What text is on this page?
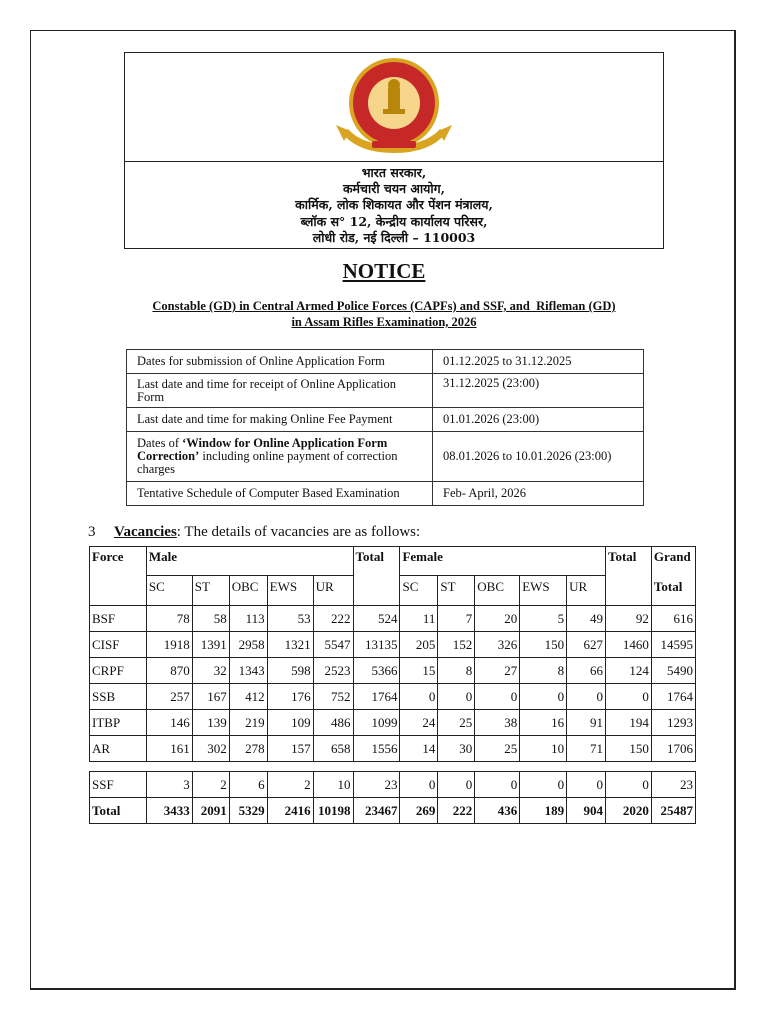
भारत सरकार,
कर्मचारी चयन आयोग,
कार्मिक, लोक शिकायत और पेंशन मंत्रालय,
ब्लॉक स° 12, केन्द्रीय कार्यालय परिसर,
लोधी रोड, नई दिल्ली – 110003
NOTICE
Constable (GD) in Central Armed Police Forces (CAPFs) and SSF, and  Rifleman (GD)
in Assam Rifles Examination, 2026
Dates for submission of Online Application Form	01.12.2025 to 31.12.2025
Last date and time for receipt of Online Application Form	31.12.2025 (23:00)
Last date and time for making Online Fee Payment	01.01.2026 (23:00)
Dates of ‘Window for Online Application Form Correction’ including online payment of correction charges	08.01.2026 to 10.01.2026 (23:00)
Tentative Schedule of Computer Based Examination	Feb- April, 2026
3 Vacancies: The details of vacancies are as follows:
Force	Male					Total	Female					Total	Grand
	SC	ST	OBC	EWS	UR		SC	ST	OBC	EWS	UR		Total
BSF	78	58	113	53	222	524	11	7	20	5	49	92	616
CISF	1918	1391	2958	1321	5547	13135	205	152	326	150	627	1460	14595
CRPF	870	32	1343	598	2523	5366	15	8	27	8	66	124	5490
SSB	257	167	412	176	752	1764	0	0	0	0	0	0	1764
ITBP	146	139	219	109	486	1099	24	25	38	16	91	194	1293
AR	161	302	278	157	658	1556	14	30	25	10	71	150	1706

SSF	3	2	6	2	10	23	0	0	0	0	0	0	23
Total	3433	2091	5329	2416	10198	23467	269	222	436	189	904	2020	25487
